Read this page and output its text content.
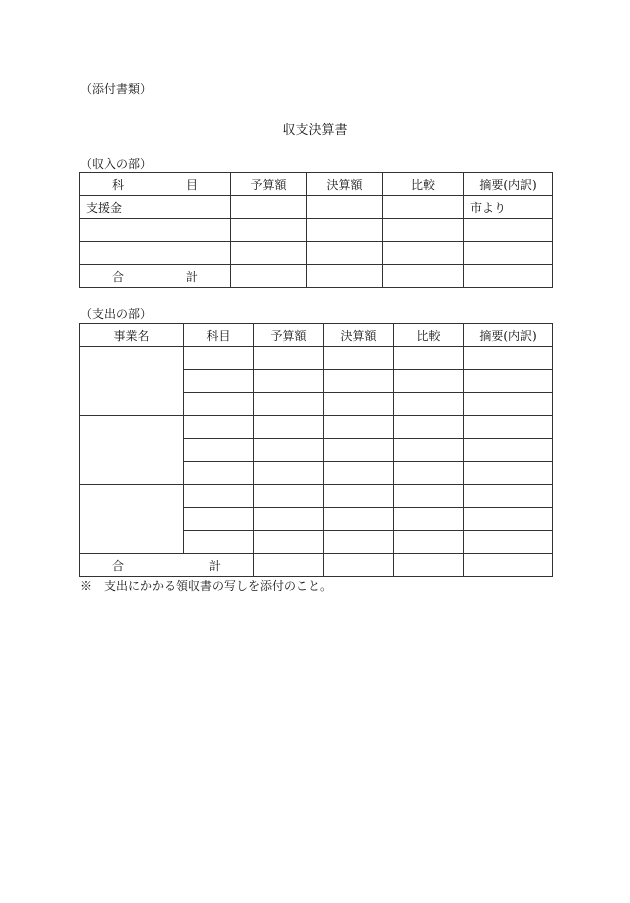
（添付書類）
収支決算書
（収入の部）
科 目	予算額	決算額	比較	摘要(内訳)
支援金				市より

合 計				

（支出の部）
事業名	科目	予算額	決算額	比較	摘要(内訳)

合 計					

※　支出にかかる領収書の写しを添付のこと。
